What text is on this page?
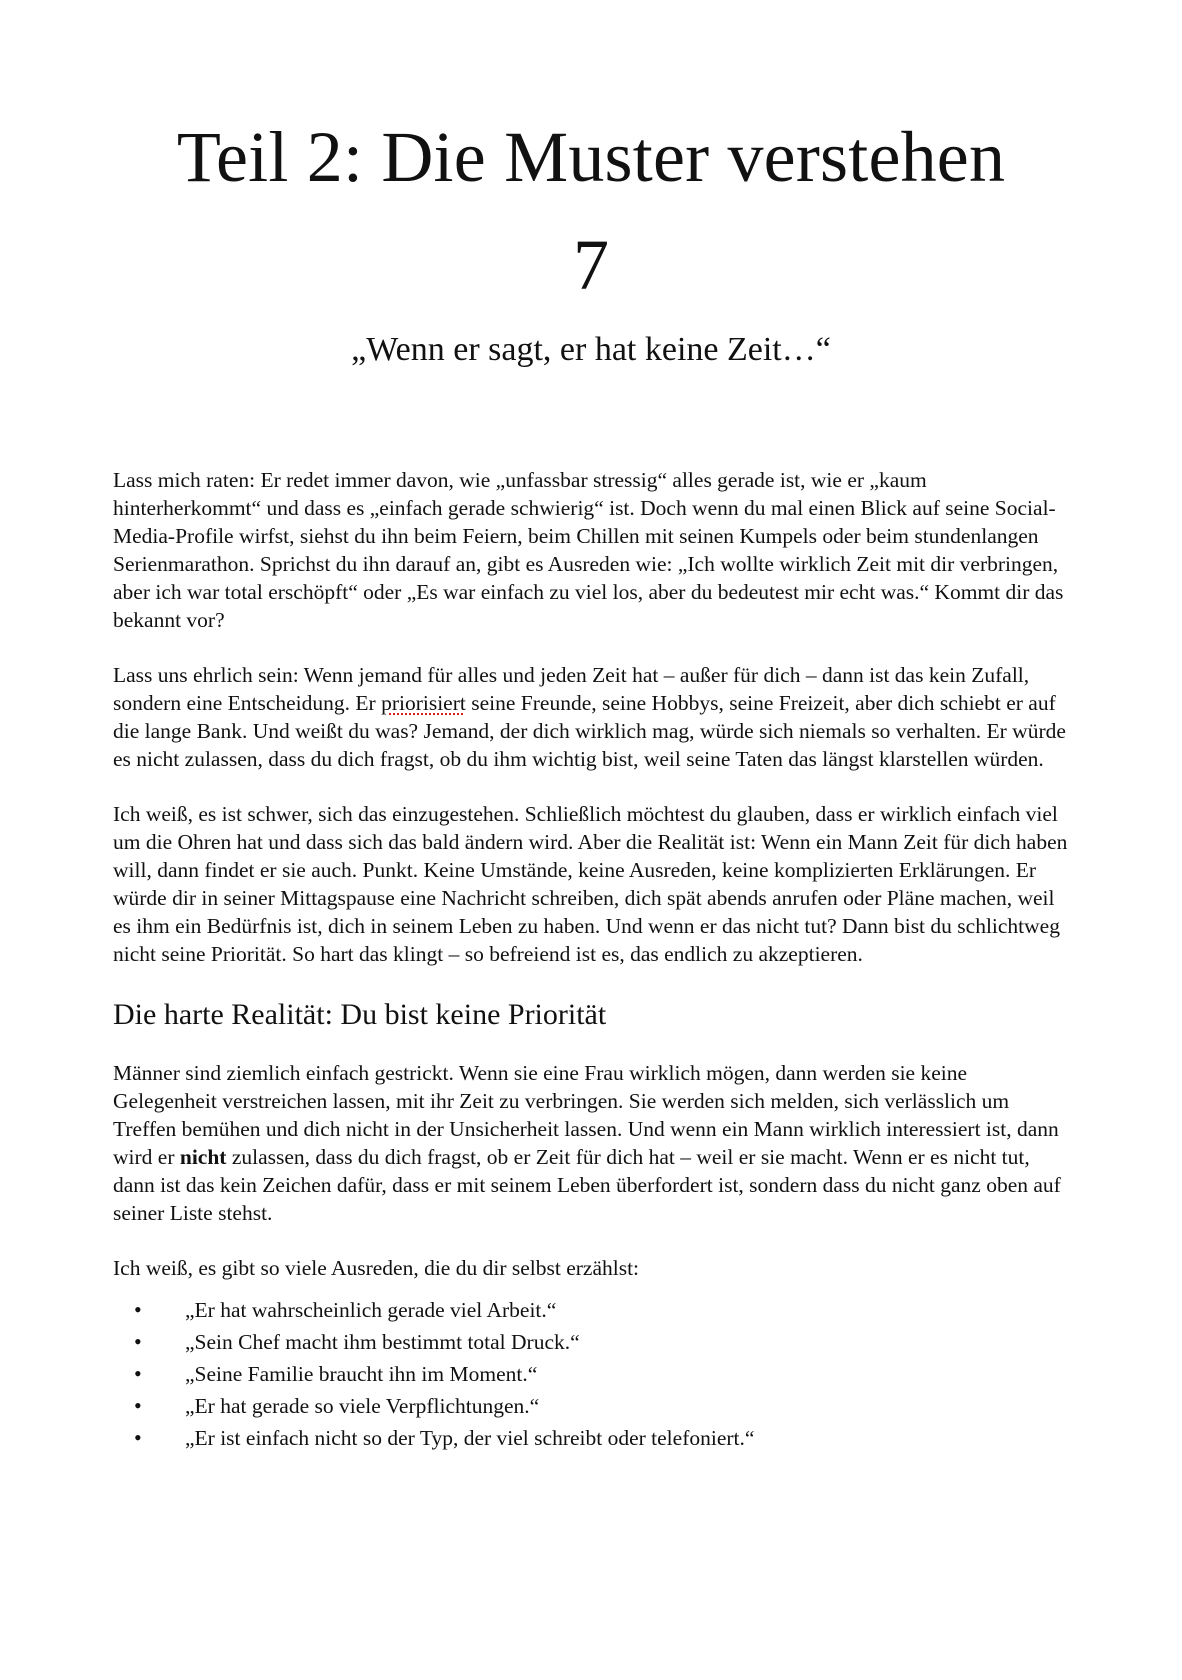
Teil 2: Die Muster verstehen
7
„Wenn er sagt, er hat keine Zeit…“

Lass mich raten: Er redet immer davon, wie „unfassbar stressig“ alles gerade ist, wie er „kaum hinterherkommt“ und dass es „einfach gerade schwierig“ ist. Doch wenn du mal einen Blick auf seine Social-Media-Profile wirfst, siehst du ihn beim Feiern, beim Chillen mit seinen Kumpels oder beim stundenlangen Serienmarathon. Sprichst du ihn darauf an, gibt es Ausreden wie: „Ich wollte wirklich Zeit mit dir verbringen, aber ich war total erschöpft“ oder „Es war einfach zu viel los, aber du bedeutest mir echt was.“ Kommt dir das bekannt vor?

Lass uns ehrlich sein: Wenn jemand für alles und jeden Zeit hat – außer für dich – dann ist das kein Zufall, sondern eine Entscheidung. Er priorisiert seine Freunde, seine Hobbys, seine Freizeit, aber dich schiebt er auf die lange Bank. Und weißt du was? Jemand, der dich wirklich mag, würde sich niemals so verhalten. Er würde es nicht zulassen, dass du dich fragst, ob du ihm wichtig bist, weil seine Taten das längst klarstellen würden.

Ich weiß, es ist schwer, sich das einzugestehen. Schließlich möchtest du glauben, dass er wirklich einfach viel um die Ohren hat und dass sich das bald ändern wird. Aber die Realität ist: Wenn ein Mann Zeit für dich haben will, dann findet er sie auch. Punkt. Keine Umstände, keine Ausreden, keine komplizierten Erklärungen. Er würde dir in seiner Mittagspause eine Nachricht schreiben, dich spät abends anrufen oder Pläne machen, weil es ihm ein Bedürfnis ist, dich in seinem Leben zu haben. Und wenn er das nicht tut? Dann bist du schlichtweg nicht seine Priorität. So hart das klingt – so befreiend ist es, das endlich zu akzeptieren.

Die harte Realität: Du bist keine Priorität

Männer sind ziemlich einfach gestrickt. Wenn sie eine Frau wirklich mögen, dann werden sie keine Gelegenheit verstreichen lassen, mit ihr Zeit zu verbringen. Sie werden sich melden, sich verlässlich um Treffen bemühen und dich nicht in der Unsicherheit lassen. Und wenn ein Mann wirklich interessiert ist, dann wird er nicht zulassen, dass du dich fragst, ob er Zeit für dich hat – weil er sie macht. Wenn er es nicht tut, dann ist das kein Zeichen dafür, dass er mit seinem Leben überfordert ist, sondern dass du nicht ganz oben auf seiner Liste stehst.

Ich weiß, es gibt so viele Ausreden, die du dir selbst erzählst:

• „Er hat wahrscheinlich gerade viel Arbeit.“
• „Sein Chef macht ihm bestimmt total Druck.“
• „Seine Familie braucht ihn im Moment.“
• „Er hat gerade so viele Verpflichtungen.“
• „Er ist einfach nicht so der Typ, der viel schreibt oder telefoniert.“
